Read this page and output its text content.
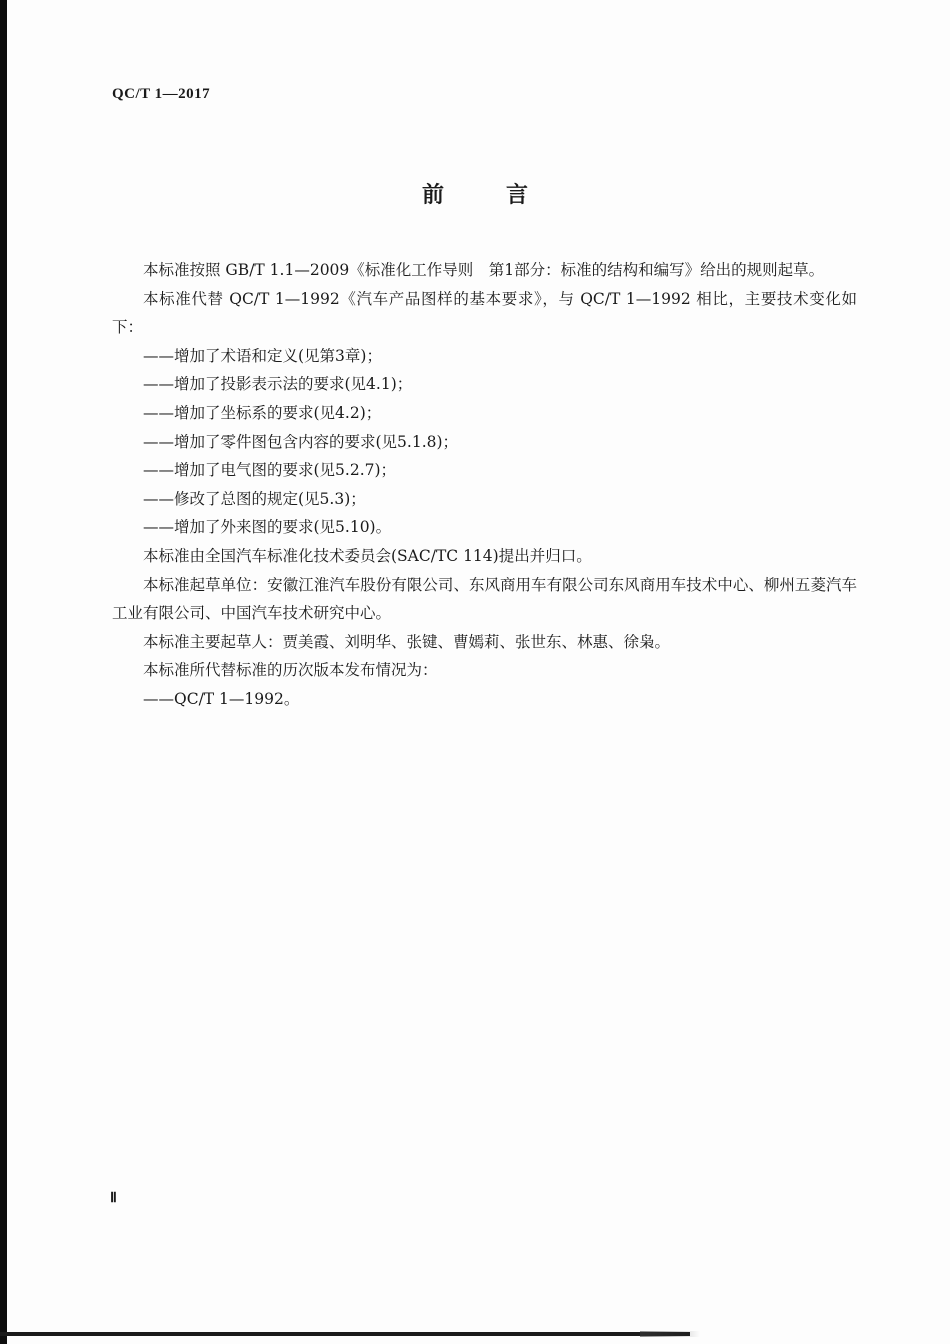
QC/T 1—2017
前言

本标准按照 GB/T 1.1—2009《标准化工作导则　第1部分：标准的结构和编写》给出的规则起草。

本标准代替 QC/T 1—1992《汽车产品图样的基本要求》，与 QC/T 1—1992 相比，主要技术变化如下：

——增加了术语和定义(见第3章)；

——增加了投影表示法的要求(见4.1)；

——增加了坐标系的要求(见4.2)；

——增加了零件图包含内容的要求(见5.1.8)；

——增加了电气图的要求(见5.2.7)；

——修改了总图的规定(见5.3)；

——增加了外来图的要求(见5.10)。

本标准由全国汽车标准化技术委员会(SAC/TC 114)提出并归口。

本标准起草单位：安徽江淮汽车股份有限公司、东风商用车有限公司东风商用车技术中心、柳州五菱汽车工业有限公司、中国汽车技术研究中心。

本标准主要起草人：贾美霞、刘明华、张键、曹嫣莉、张世东、林惠、徐枭。

本标准所代替标准的历次版本发布情况为：

——QC/T 1—1992。

Ⅱ
